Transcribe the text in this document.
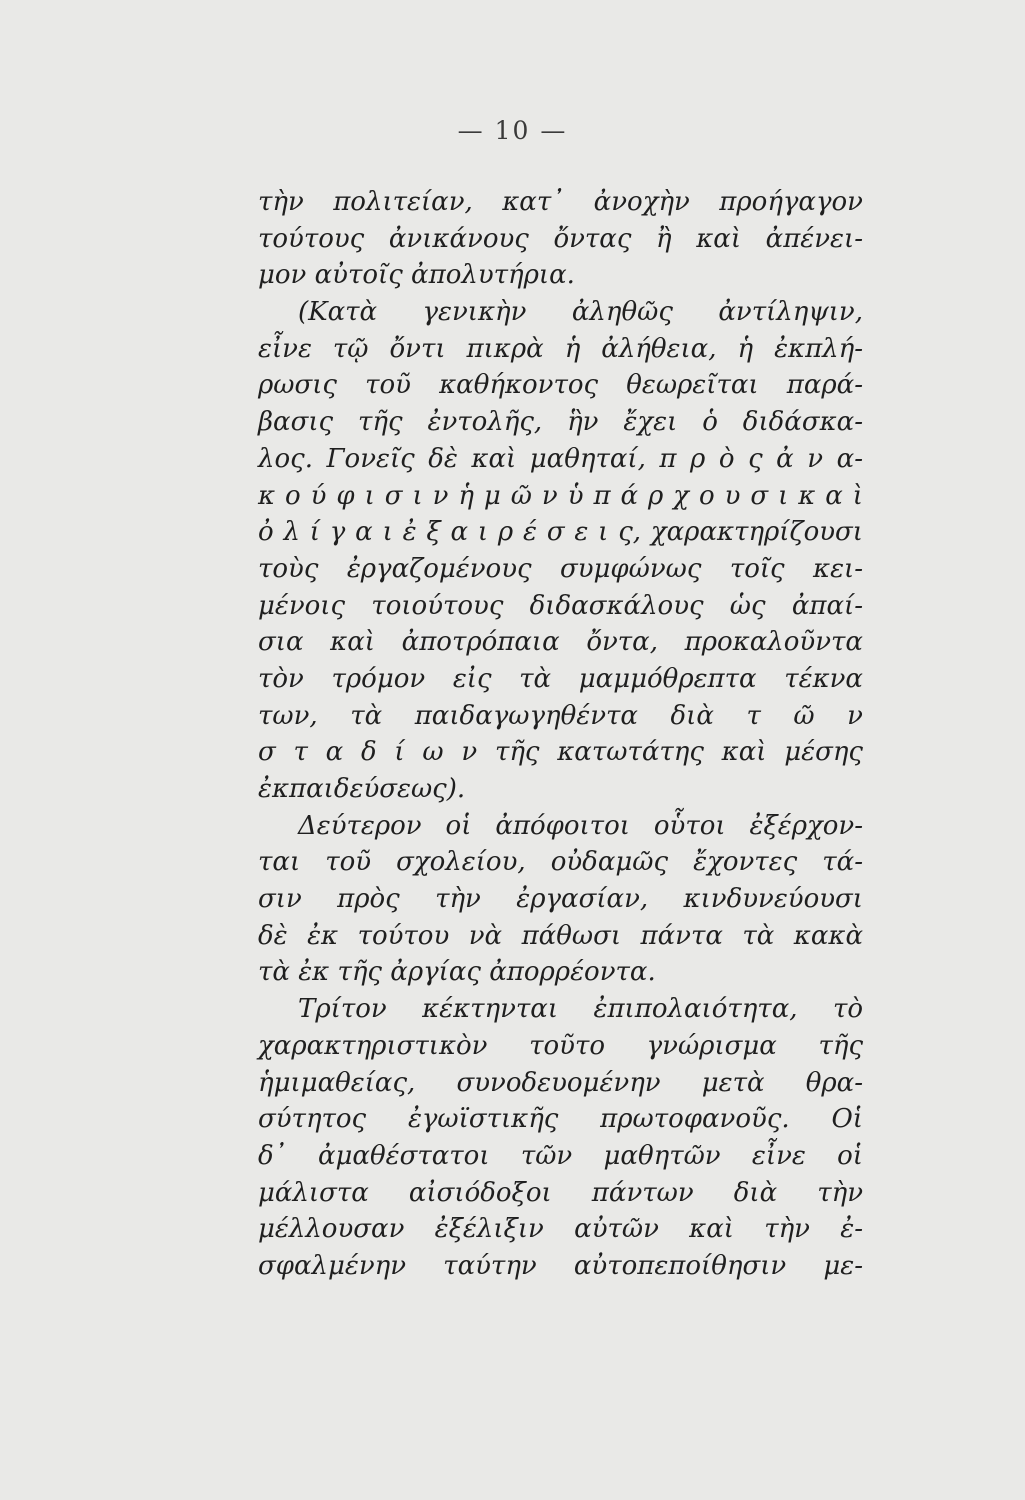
— 10 —
τὴν πολιτείαν, κατ᾽ ἀνοχὴν προήγαγον
τούτους ἀνικάνους ὄντας ἢ καὶ ἀπένει-
μον αὐτοῖς ἀπολυτήρια.
(Κατὰ γενικὴν ἀληθῶς ἀντίληψιν,
εἶνε τῷ ὄντι πικρὰ ἡ ἀλήθεια, ἡ ἐκπλή-
ρωσις τοῦ καθήκοντος θεωρεῖται παρά-
βασις τῆς ἐντολῆς, ἣν ἔχει ὁ διδάσκα-
λος. Γονεῖς δὲ καὶ μαθηταί, π ρ ὸ ς ἀ ν α-
κ ο ύ φ ι σ ι ν ἡ μ ῶ ν ὑ π ά ρ χ ο υ σ ι κ α ὶ
ὀ λ ί γ α ι ἐ ξ α ι ρ έ σ ε ι ς, χαρακτηρίζουσι
τοὺς ἐργαζομένους συμφώνως τοῖς κει-
μένοις τοιούτους διδασκάλους ὡς ἀπαί-
σια καὶ ἀποτρόπαια ὄντα, προκαλοῦντα
τὸν τρόμον εἰς τὰ μαμμόθρεπτα τέκνα
των, τὰ παιδαγωγηθέντα διὰ τ ῶ ν
σ τ α δ ί ω ν τῆς κατωτάτης καὶ μέσης
ἐκπαιδεύσεως).
Δεύτερον οἱ ἀπόφοιτοι οὗτοι ἐξέρχον-
ται τοῦ σχολείου, οὐδαμῶς ἔχοντες τά-
σιν πρὸς τὴν ἐργασίαν, κινδυνεύουσι
δὲ ἐκ τούτου νὰ πάθωσι πάντα τὰ κακὰ
τὰ ἐκ τῆς ἀργίας ἀπορρέοντα.
Τρίτον κέκτηνται ἐπιπολαιότητα, τὸ
χαρακτηριστικὸν τοῦτο γνώρισμα τῆς
ἡμιμαθείας, συνοδευομένην μετὰ θρα-
σύτητος ἐγωϊστικῆς πρωτοφανοῦς. Οἱ
δ᾽ ἀμαθέστατοι τῶν μαθητῶν εἶνε οἱ
μάλιστα αἰσιόδοξοι πάντων διὰ τὴν
μέλλουσαν ἐξέλιξιν αὐτῶν καὶ τὴν ἐ-
σφαλμένην ταύτην αὐτοπεποίθησιν με-
